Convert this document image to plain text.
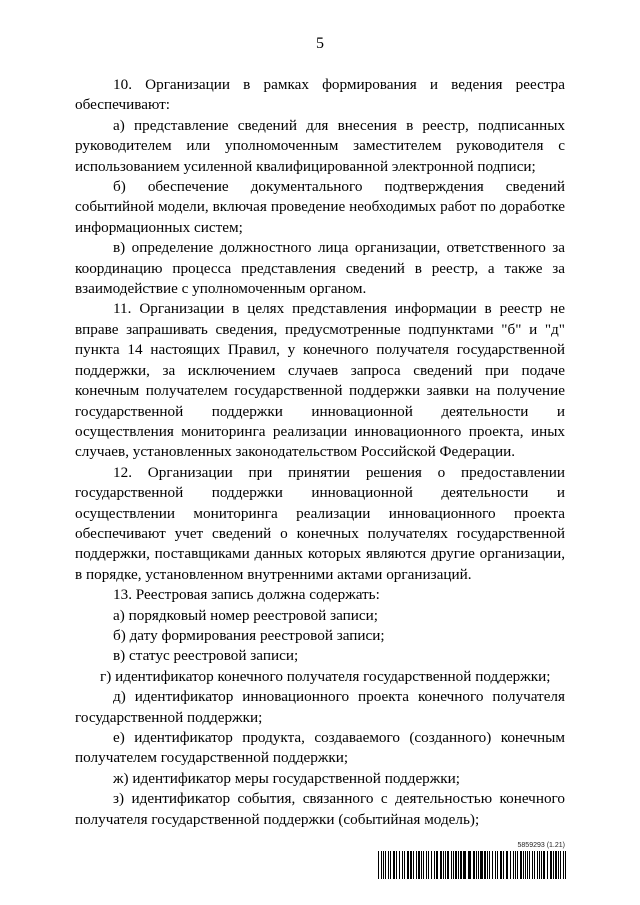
5

10. Организации в рамках формирования и ведения реестра обеспечивают:

а) представление сведений для внесения в реестр, подписанных руководителем или уполномоченным заместителем руководителя с использованием усиленной квалифицированной электронной подписи;

б) обеспечение документального подтверждения сведений событийной модели, включая проведение необходимых работ по доработке информационных систем;

в) определение должностного лица организации, ответственного за координацию процесса представления сведений в реестр, а также за взаимодействие с уполномоченным органом.

11. Организации в целях представления информации в реестр не вправе запрашивать сведения, предусмотренные подпунктами "б" и "д" пункта 14 настоящих Правил, у конечного получателя государственной поддержки, за исключением случаев запроса сведений при подаче конечным получателем государственной поддержки заявки на получение государственной поддержки инновационной деятельности и осуществления мониторинга реализации инновационного проекта, иных случаев, установленных законодательством Российской Федерации.

12. Организации при принятии решения о предоставлении государственной поддержки инновационной деятельности и осуществлении мониторинга реализации инновационного проекта обеспечивают учет сведений о конечных получателях государственной поддержки, поставщиками данных которых являются другие организации, в порядке, установленном внутренними актами организаций.

13. Реестровая запись должна содержать:

а) порядковый номер реестровой записи;

б) дату формирования реестровой записи;

в) статус реестровой записи;

г) идентификатор конечного получателя государственной поддержки;

д) идентификатор инновационного проекта конечного получателя государственной поддержки;

е) идентификатор продукта, создаваемого (созданного) конечным получателем государственной поддержки;

ж) идентификатор меры государственной поддержки;

з) идентификатор события, связанного с деятельностью конечного получателя государственной поддержки (событийная модель);

5859293 (1.21)
